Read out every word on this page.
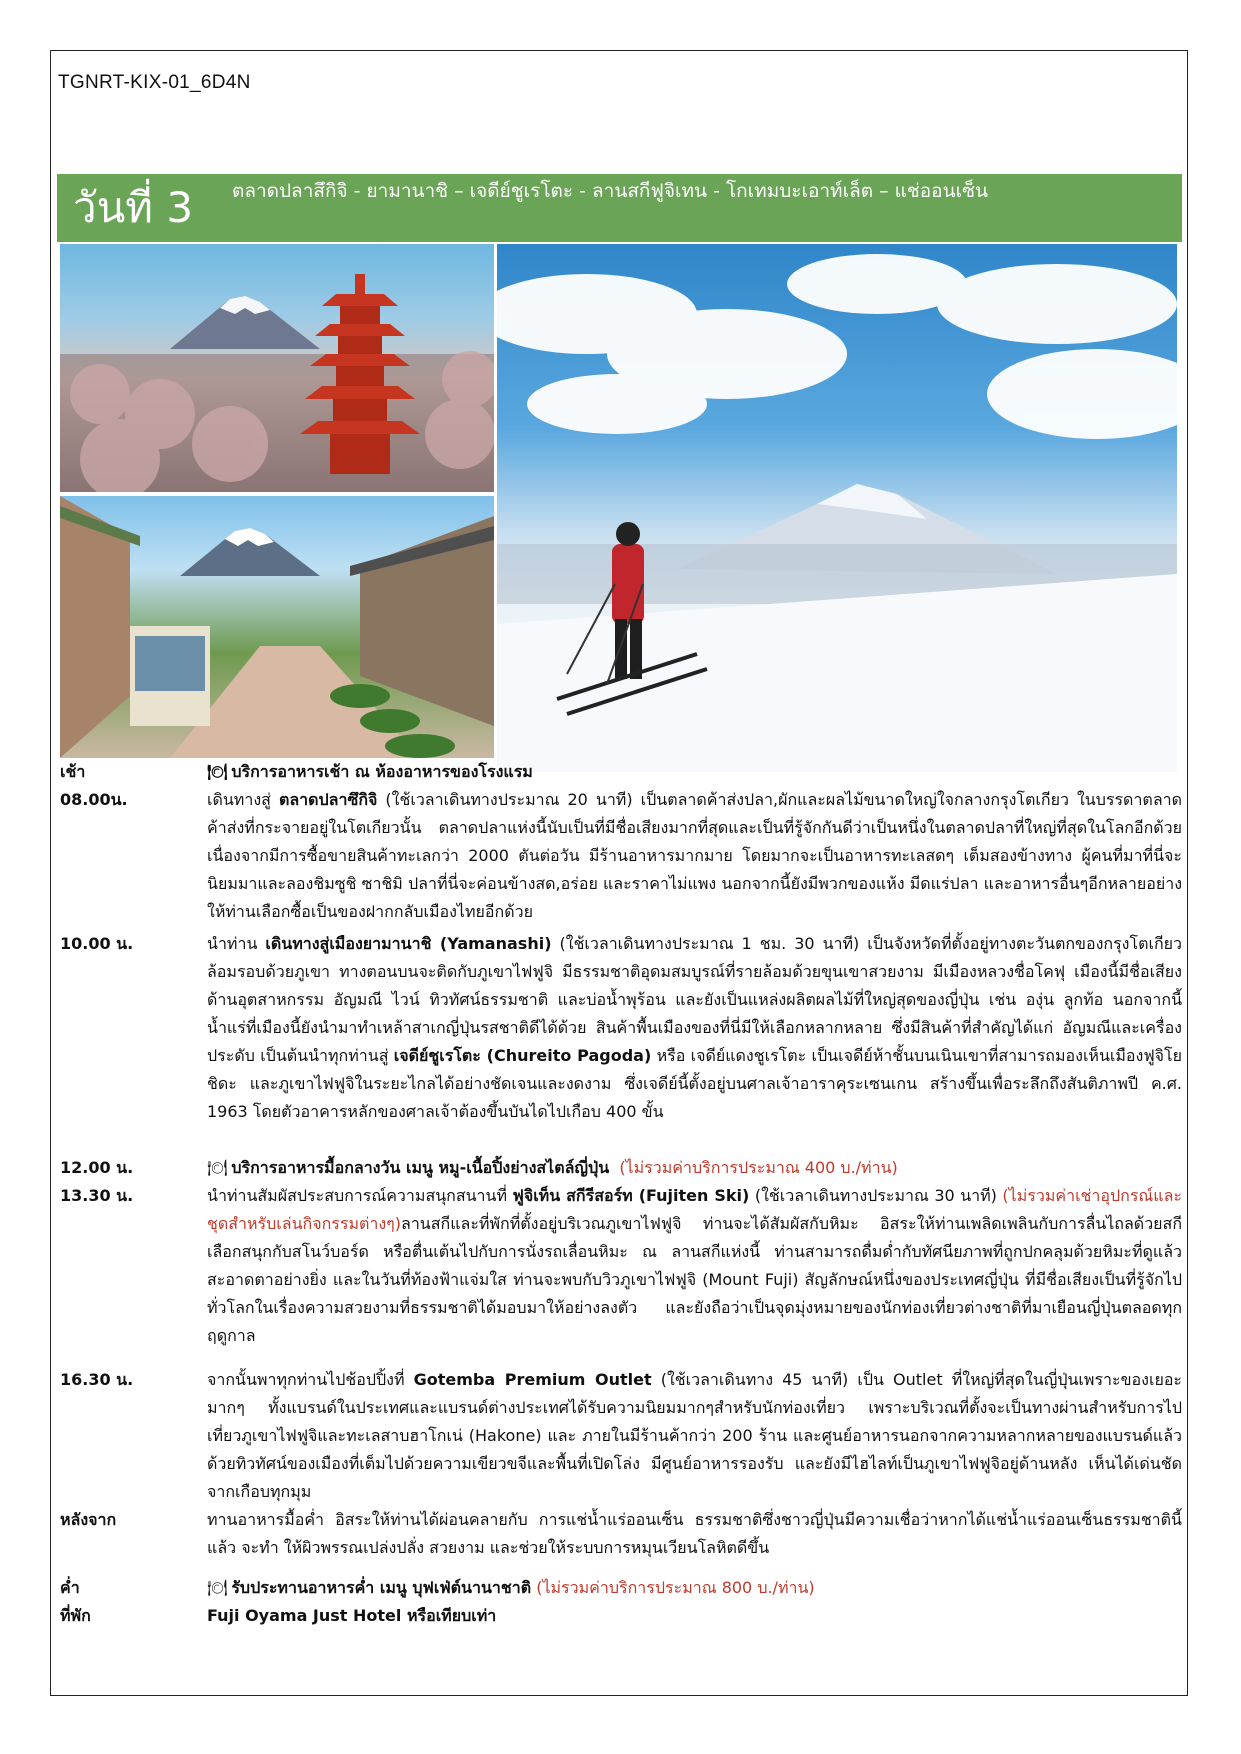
TGNRT-KIX-01_6D4N
วันที่ 3 ตลาดปลาสึกิจิ - ยามานาชิ – เจดีย์ชูเรโตะ - ลานสกีฟูจิเทน - โกเทมบะเอาท์เล็ต – แช่ออนเซ็น
เช้า	🍽 บริการอาหารเช้า ณ ห้องอาหารของโรงแรม
08.00น.	เดินทางสู่ ตลาดปลาซึกิจิ (ใช้เวลาเดินทางประมาณ 20 นาที) เป็นตลาดค้าส่งปลา,ผักและผลไม้ขนาดใหญ่ใจกลางกรุงโตเกียว ในบรรดาตลาดค้าส่งที่กระจายอยู่ในโตเกียวนั้น ตลาดปลาแห่งนี้นับเป็นที่มีชื่อเสียงมากที่สุดและเป็นที่รู้จักกันดีว่าเป็นหนึ่งในตลาดปลาที่ใหญ่ที่สุดในโลกอีกด้วย เนื่องจากมีการซื้อขายสินค้าทะเลกว่า 2000 ตันต่อวัน มีร้านอาหารมากมาย โดยมากจะเป็นอาหารทะเลสดๆ เต็มสองข้างทาง ผู้คนที่มาที่นี่จะนิยมมาและลองชิมซูชิ ซาชิมิ ปลาที่นี่จะค่อนข้างสด,อร่อย และราคาไม่แพง นอกจากนี้ยังมีพวกของแห้ง มีดแร่ปลา และอาหารอื่นๆอีกหลายอย่างให้ท่านเลือกซื้อเป็นของฝากกลับเมืองไทยอีกด้วย
10.00 น.	นำท่าน เดินทางสู่เมืองยามานาชิ (Yamanashi) (ใช้เวลาเดินทางประมาณ 1 ชม. 30 นาที) เป็นจังหวัดที่ตั้งอยู่ทางตะวันตกของกรุงโตเกียว ล้อมรอบด้วยภูเขา ทางตอนบนจะติดกับภูเขาไฟฟูจิ มีธรรมชาติอุดมสมบูรณ์ที่รายล้อมด้วยขุนเขาสวยงาม มีเมืองหลวงชื่อโคฟุ เมืองนี้มีชื่อเสียงด้านอุตสาหกรรม อัญมณี ไวน์ ทิวทัศน์ธรรมชาติ และบ่อน้ำพุร้อน และยังเป็นแหล่งผลิตผลไม้ที่ใหญ่สุดของญี่ปุ่น เช่น องุ่น ลูกท้อ นอกจากนี้ น้ำแร่ที่เมืองนี้ยังนำมาทำเหล้าสาเกญี่ปุ่นรสชาติดีได้ด้วย สินค้าพื้นเมืองของที่นี่มีให้เลือกหลากหลาย ซึ่งมีสินค้าที่สำคัญได้แก่ อัญมณีและเครื่องประดับ เป็นต้นนำทุกท่านสู่ เจดีย์ชูเรโตะ (Chureito Pagoda) หรือ เจดีย์แดงชูเรโตะ เป็นเจดีย์ห้าชั้นบนเนินเขาที่สามารถมองเห็นเมืองฟูจิโยชิดะ และภูเขาไฟฟูจิในระยะไกลได้อย่างชัดเจนและงดงาม ซึ่งเจดีย์นี้ตั้งอยู่บนศาลเจ้าอาราคุระเซนเกน สร้างขึ้นเพื่อระลึกถึงสันติภาพปี ค.ศ. 1963 โดยตัวอาคารหลักของศาลเจ้าต้องขึ้นบันไดไปเกือบ 400 ขั้น
12.00 น.	🍽 บริการอาหารมื้อกลางวัน เมนู หมู-เนื้อปิ้งย่างสไตล์ญี่ปุ่น (ไม่รวมค่าบริการประมาณ 400 บ./ท่าน)
13.30 น.	นำท่านสัมผัสประสบการณ์ความสนุกสนานที่ ฟูจิเท็น สกีรีสอร์ท (Fujiten Ski) (ใช้เวลาเดินทางประมาณ 30 นาที) (ไม่รวมค่าเช่าอุปกรณ์และชุดสำหรับเล่นกิจกรรมต่างๆ)ลานสกีและที่พักที่ตั้งอยู่บริเวณภูเขาไฟฟูจิ ท่านจะได้สัมผัสกับหิมะ อิสระให้ท่านเพลิดเพลินกับการลื่นไถลด้วยสกี เลือกสนุกกับสโนว์บอร์ด หรือตื่นเต้นไปกับการนั่งรถเลื่อนหิมะ ณ ลานสกีแห่งนี้ ท่านสามารถดื่มด่ำกับทัศนียภาพที่ถูกปกคลุมด้วยหิมะที่ดูแล้วสะอาดตาอย่างยิ่ง และในวันที่ท้องฟ้าแจ่มใส ท่านจะพบกับวิวภูเขาไฟฟูจิ (Mount Fuji) สัญลักษณ์หนึ่งของประเทศญี่ปุ่น ที่มีชื่อเสียงเป็นที่รู้จักไปทั่วโลกในเรื่องความสวยงามที่ธรรมชาติได้มอบมาให้อย่างลงตัว และยังถือว่าเป็นจุดมุ่งหมายของนักท่องเที่ยวต่างชาติที่มาเยือนญี่ปุ่นตลอดทุกฤดูกาล
16.30 น.	จากนั้นพาทุกท่านไปช้อปปิ้งที่ Gotemba Premium Outlet (ใช้เวลาเดินทาง 45 นาที) เป็น Outlet ที่ใหญ่ที่สุดในญี่ปุ่นเพราะของเยอะมากๆ ทั้งแบรนด์ในประเทศและแบรนด์ต่างประเทศได้รับความนิยมมากๆสำหรับนักท่องเที่ยว เพราะบริเวณที่ตั้งจะเป็นทางผ่านสำหรับการไป เที่ยวภูเขาไฟฟูจิและทะเลสาบฮาโกเน่ (Hakone) และ ภายในมีร้านค้ากว่า 200 ร้าน และศูนย์อาหารนอกจากความหลากหลายของแบรนด์แล้ว ด้วยทิวทัศน์ของเมืองที่เต็มไปด้วยความเขียวขจีและพื้นที่เปิดโล่ง มีศูนย์อาหารรองรับ และยังมีไฮไลท์เป็นภูเขาไฟฟูจิอยู่ด้านหลัง เห็นได้เด่นชัดจากเกือบทุกมุม
หลังจาก	ทานอาหารมื้อค่ำ อิสระให้ท่านได้ผ่อนคลายกับ การแช่น้ำแร่ออนเซ็น ธรรมชาติซึ่งชาวญี่ปุ่นมีความเชื่อว่าหากได้แช่น้ำแร่ออนเซ็นธรรมชาตินี้แล้ว จะทำ ให้ผิวพรรณเปล่งปลั่ง สวยงาม และช่วยให้ระบบการหมุนเวียนโลหิตดีขึ้น
ค่ำ	🍽 รับประทานอาหารค่ำ เมนู บุฟเฟ่ต์นานาชาติ (ไม่รวมค่าบริการประมาณ 800 บ./ท่าน)
ที่พัก	Fuji Oyama Just Hotel หรือเทียบเท่า
